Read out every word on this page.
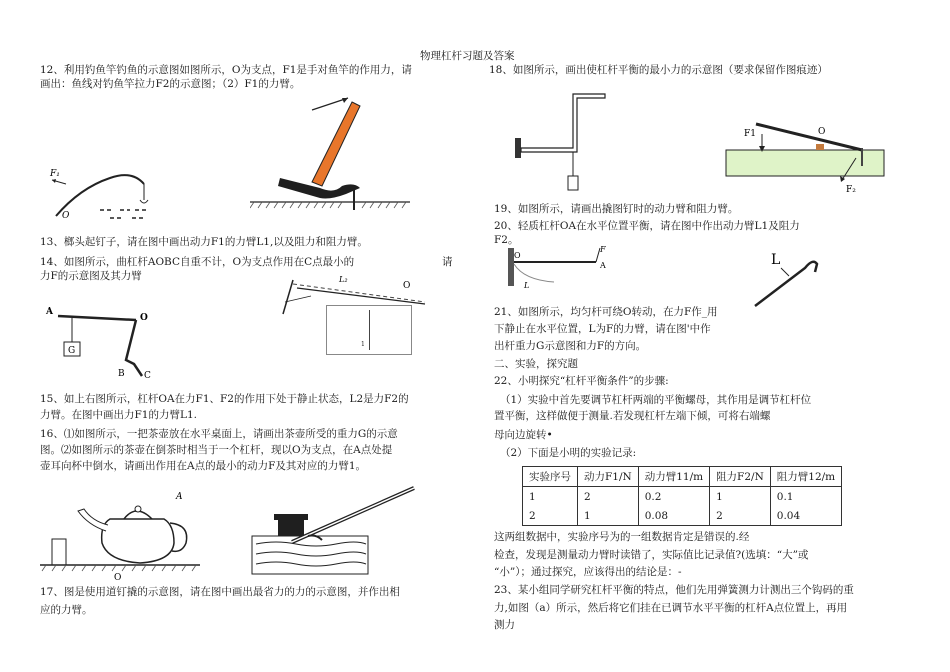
物理杠杆习题及答案
12、利用钓鱼竿钓鱼的示意图如图所示，O为支点，F1是手对鱼竿的作用力，请
画出：鱼线对钓鱼竿拉力F2的示意图；（2）F1的力臂。
13、榔头起钉子，请在图中画出动力F1的力臂L1,以及阻力和阻力臂。
14、如图所示，曲杠杆AOBC自重不计，O为支点作用在C点最小的	请
力F的示意图及其力臂
15、如上右图所示，杠杆OA在力F1、F2的作用下处于静止状态，L2是力F2的
力臂。在图中画出力F1的力臂L1.
16、⑴如图所示，一把茶壶放在水平桌面上，请画出茶壶所受的重力G的示意
图。⑵如图所示的茶壶在倒茶时相当于一个杠杆，现以O为支点，在A点处提
壶耳向杯中倒水，请画出作用在A点的最小的动力F及其对应的力臂1。
17、图是使用道钉撬的示意图，请在图中画出最省力的力的示意图，并作出相
应的力臂。
18、如图所示，画出使杠杆平衡的最小力的示意图（要求保留作图痕迹）
19、如图所示，请画出撬图钉时的动力臂和阻力臂。
20、轻质杠杆OA在水平位置平衡，请在图中作出动力臂L1及阻力
F2。
21、如图所示，均匀杆可绕O转动，在力F作_用
下静止在水平位置，L为F的力臂，请在图'中作
出杆重力G示意图和力F的方向。
二、实验，探究题
22、小明探究“杠杆平衡条件”的步骤:
（1）实验中首先要调节杠杆两端的平衡螺母，其作用是调节杠杆位
置平衡，这样做便于测量.若发现杠杆左端下倾，可将右端螺
母向边旋转•
（2）下面是小明的实验记录:
实验序号	动力F1/N	动力臂11/m	阻力F2/N	阻力臂12/m
1	2	0.2	1	0.1
2	1	0.08	2	0.04
这两组数据中，实验序号为的一组数据肯定是错误的.经
检查，发现是测量动力臂时读错了，实际值比记录值?(选填：“大”或
“小”）；通过探究，应该得出的结论是：-
23、某小组同学研究杠杆平衡的特点，他们先用弹簧测力计测出三个钩码的重
力,如图（a）所示，然后将它们挂在已调节水平平衡的杠杆A点位置上，再用
测力
F₁
O
G
A
O
B C
L₂
O
1
A
O
F1	O
F₂
O
F
A
L
L
